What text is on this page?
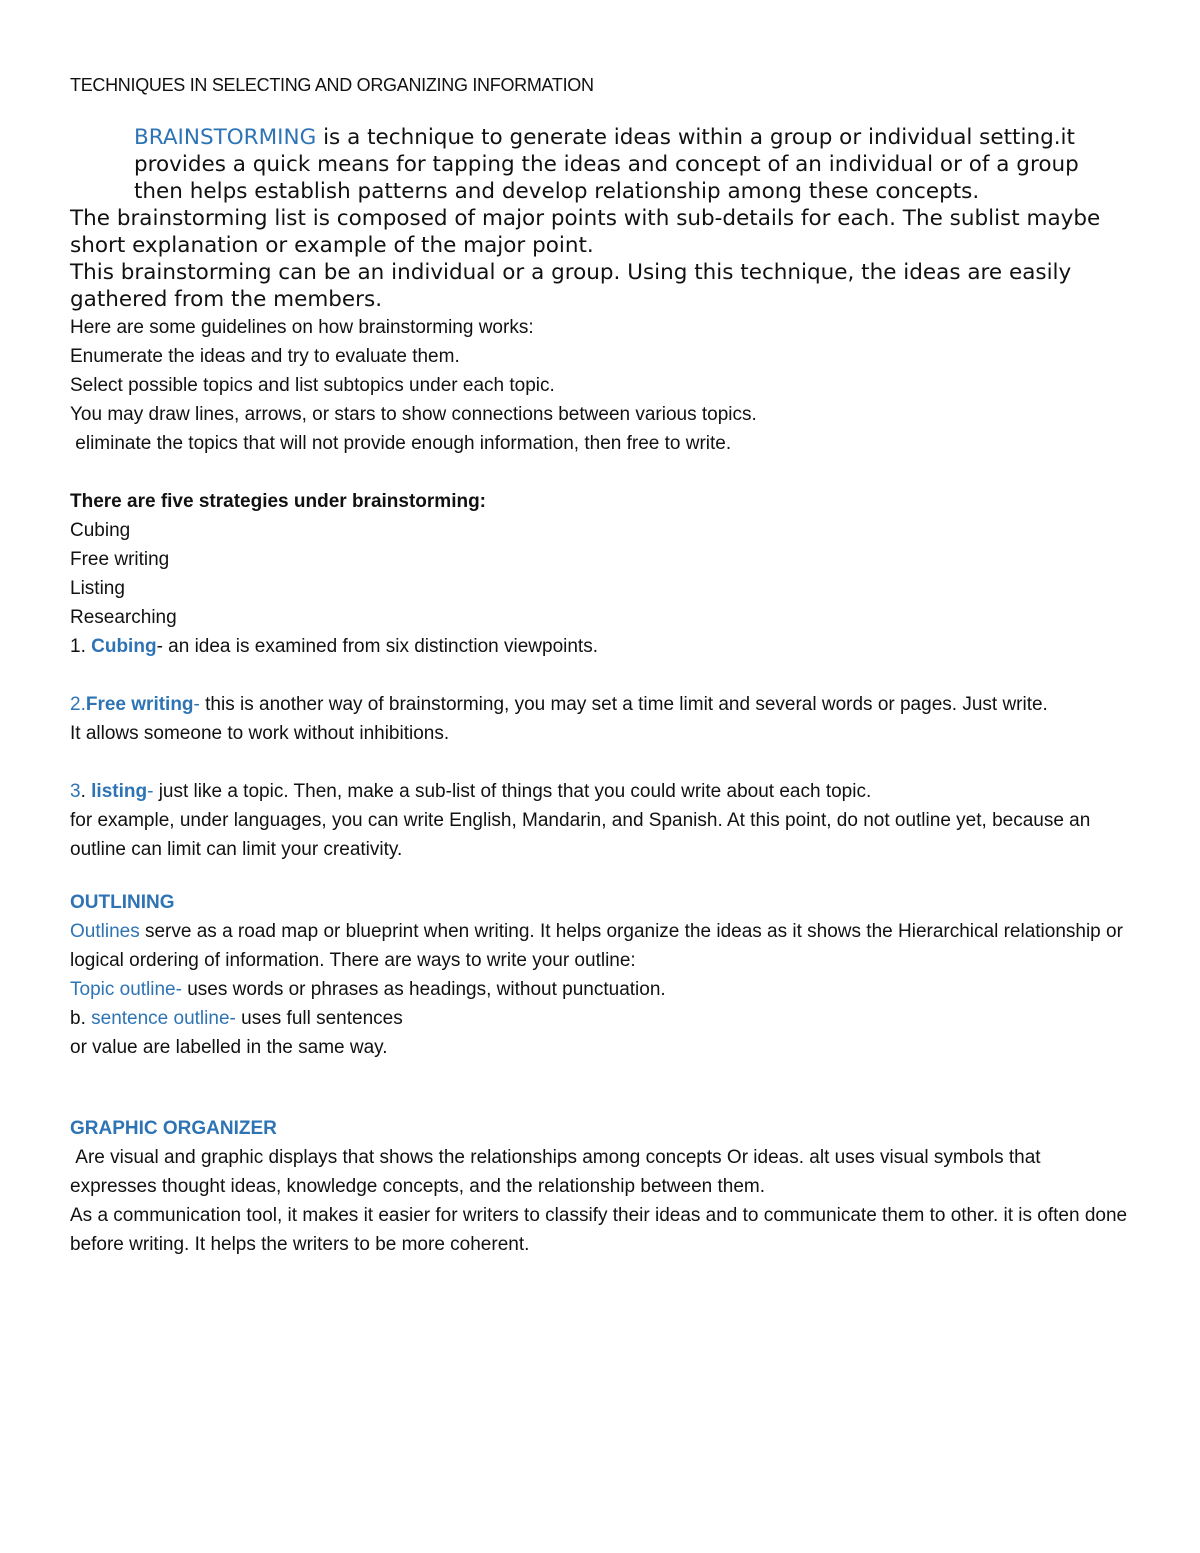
TECHNIQUES IN SELECTING AND ORGANIZING INFORMATION

BRAINSTORMING is a technique to generate ideas within a group or individual setting.it provides a quick means for tapping the ideas and concept of an individual or of a group then helps establish patterns and develop relationship among these concepts.

The brainstorming list is composed of major points with sub-details for each. The sublist maybe short explanation or example of the major point.

This brainstorming can be an individual or a group. Using this technique, the ideas are easily gathered from the members.

Here are some guidelines on how brainstorming works:

Enumerate the ideas and try to evaluate them.

Select possible topics and list subtopics under each topic.

You may draw lines, arrows, or stars to show connections between various topics.

eliminate the topics that will not provide enough information, then free to write.

There are five strategies under brainstorming:

Cubing

Free writing

Listing

Researching

1. Cubing- an idea is examined from six distinction viewpoints.

2.Free writing- this is another way of brainstorming, you may set a time limit and several words or pages. Just write.

It allows someone to work without inhibitions.

3. listing- just like a topic. Then, make a sub-list of things that you could write about each topic.

for example, under languages, you can write English, Mandarin, and Spanish. At this point, do not outline yet, because an outline can limit can limit your creativity.

OUTLINING

Outlines serve as a road map or blueprint when writing. It helps organize the ideas as it shows the Hierarchical relationship or logical ordering of information. There are ways to write your outline:

Topic outline- uses words or phrases as headings, without punctuation.

b. sentence outline- uses full sentences

or value are labelled in the same way.

GRAPHIC ORGANIZER

Are visual and graphic displays that shows the relationships among concepts Or ideas. alt uses visual symbols that expresses thought ideas, knowledge concepts, and the relationship between them.

As a communication tool, it makes it easier for writers to classify their ideas and to communicate them to other. it is often done before writing. It helps the writers to be more coherent.
